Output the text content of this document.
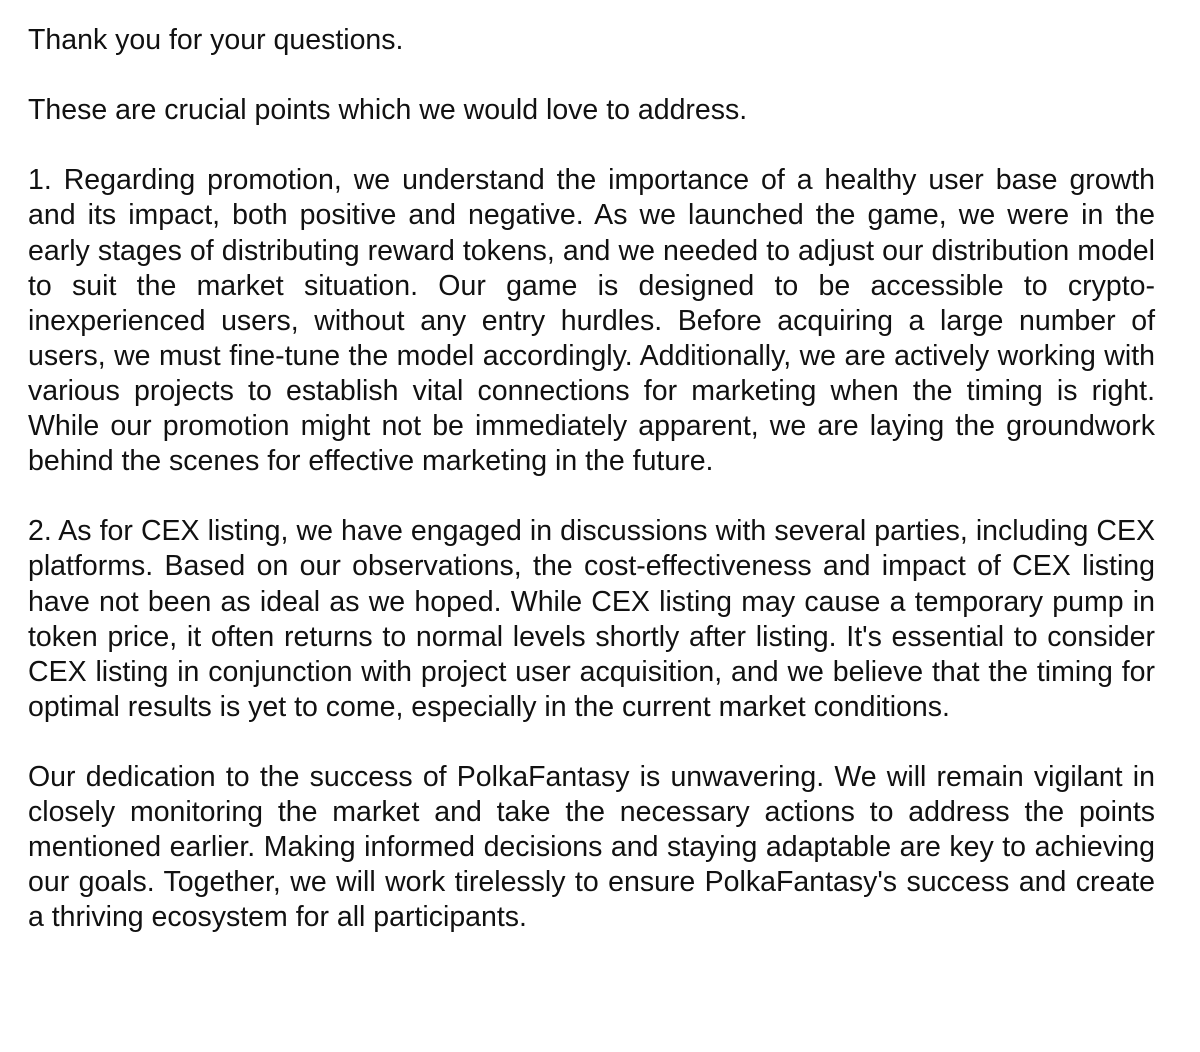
Thank you for your questions.

These are crucial points which we would love to address.

1. Regarding promotion, we understand the importance of a healthy user base growth and its impact, both positive and negative. As we launched the game, we were in the early stages of distributing reward tokens, and we needed to adjust our distribution model to suit the market situation. Our game is designed to be accessible to crypto-inexperienced users, without any entry hurdles. Before acquiring a large number of users, we must fine-tune the model accordingly. Additionally, we are actively working with various projects to establish vital connections for marketing when the timing is right. While our promotion might not be immediately apparent, we are laying the groundwork behind the scenes for effective marketing in the future.

2. As for CEX listing, we have engaged in discussions with several parties, including CEX platforms. Based on our observations, the cost-effectiveness and impact of CEX listing have not been as ideal as we hoped. While CEX listing may cause a temporary pump in token price, it often returns to normal levels shortly after listing. It's essential to consider CEX listing in conjunction with project user acquisition, and we believe that the timing for optimal results is yet to come, especially in the current market conditions.

Our dedication to the success of PolkaFantasy is unwavering. We will remain vigilant in closely monitoring the market and take the necessary actions to address the points mentioned earlier. Making informed decisions and staying adaptable are key to achieving our goals. Together, we will work tirelessly to ensure PolkaFantasy's success and create a thriving ecosystem for all participants.
